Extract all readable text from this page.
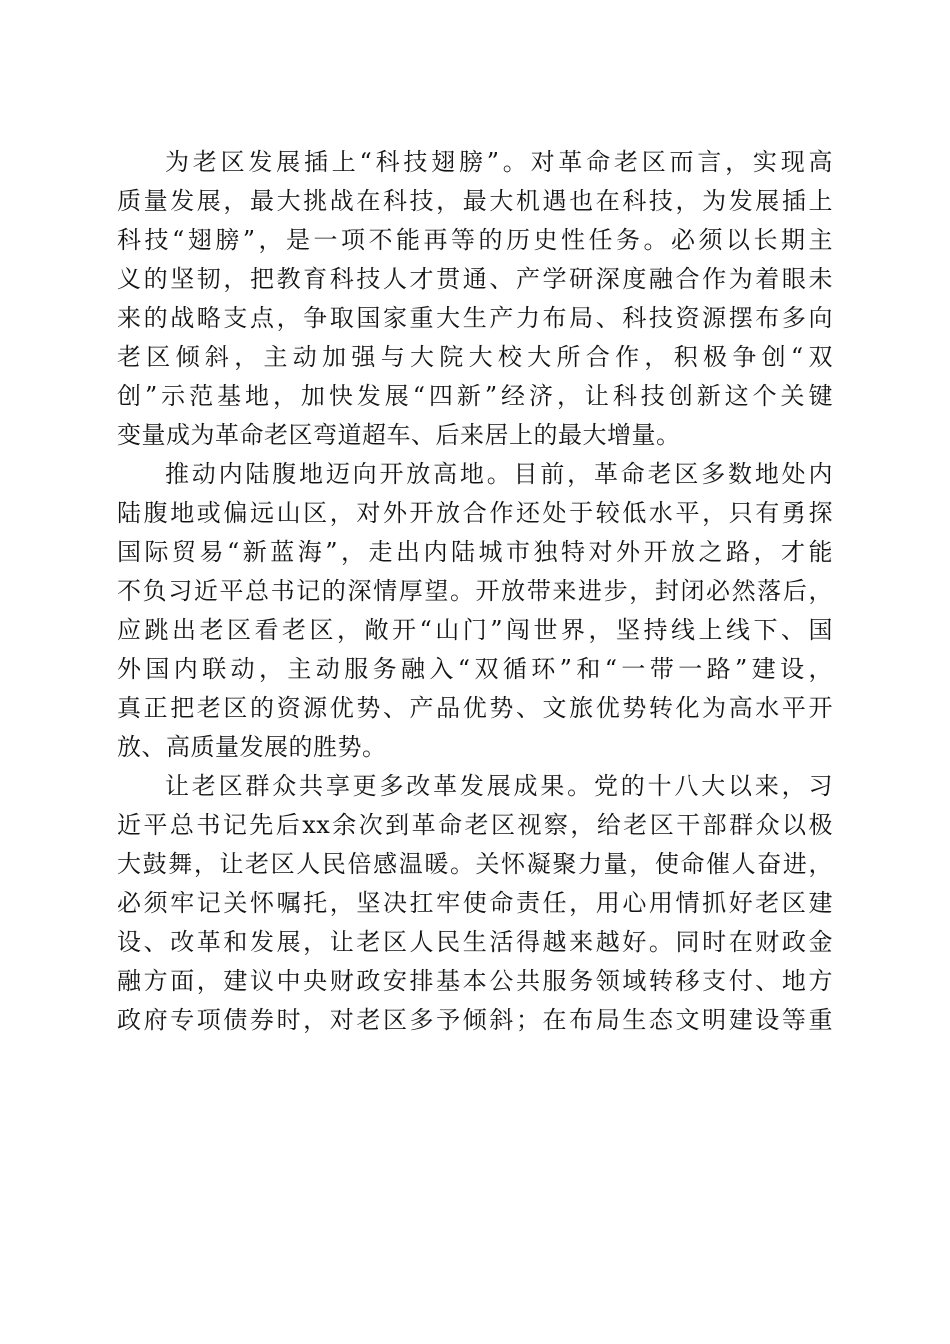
为老区发展插上“科技翅膀”。对革命老区而言，实现高
质量发展，最大挑战在科技，最大机遇也在科技，为发展插上
科技“翅膀”，是一项不能再等的历史性任务。必须以长期主
义的坚韧，把教育科技人才贯通、产学研深度融合作为着眼未
来的战略支点，争取国家重大生产力布局、科技资源摆布多向
老区倾斜，主动加强与大院大校大所合作，积极争创“双
创”示范基地，加快发展“四新”经济，让科技创新这个关键
变量成为革命老区弯道超车、后来居上的最大增量。
推动内陆腹地迈向开放高地。目前，革命老区多数地处内
陆腹地或偏远山区，对外开放合作还处于较低水平，只有勇探
国际贸易“新蓝海”，走出内陆城市独特对外开放之路，才能
不负习近平总书记的深情厚望。开放带来进步，封闭必然落后，
应跳出老区看老区，敞开“山门”闯世界，坚持线上线下、国
外国内联动，主动服务融入“双循环”和“一带一路”建设，
真正把老区的资源优势、产品优势、文旅优势转化为高水平开
放、高质量发展的胜势。
让老区群众共享更多改革发展成果。党的十八大以来，习
近平总书记先后xx余次到革命老区视察，给老区干部群众以极
大鼓舞，让老区人民倍感温暖。关怀凝聚力量，使命催人奋进，
必须牢记关怀嘱托，坚决扛牢使命责任，用心用情抓好老区建
设、改革和发展，让老区人民生活得越来越好。同时在财政金
融方面，建议中央财政安排基本公共服务领域转移支付、地方
政府专项债券时，对老区多予倾斜；在布局生态文明建设等重
